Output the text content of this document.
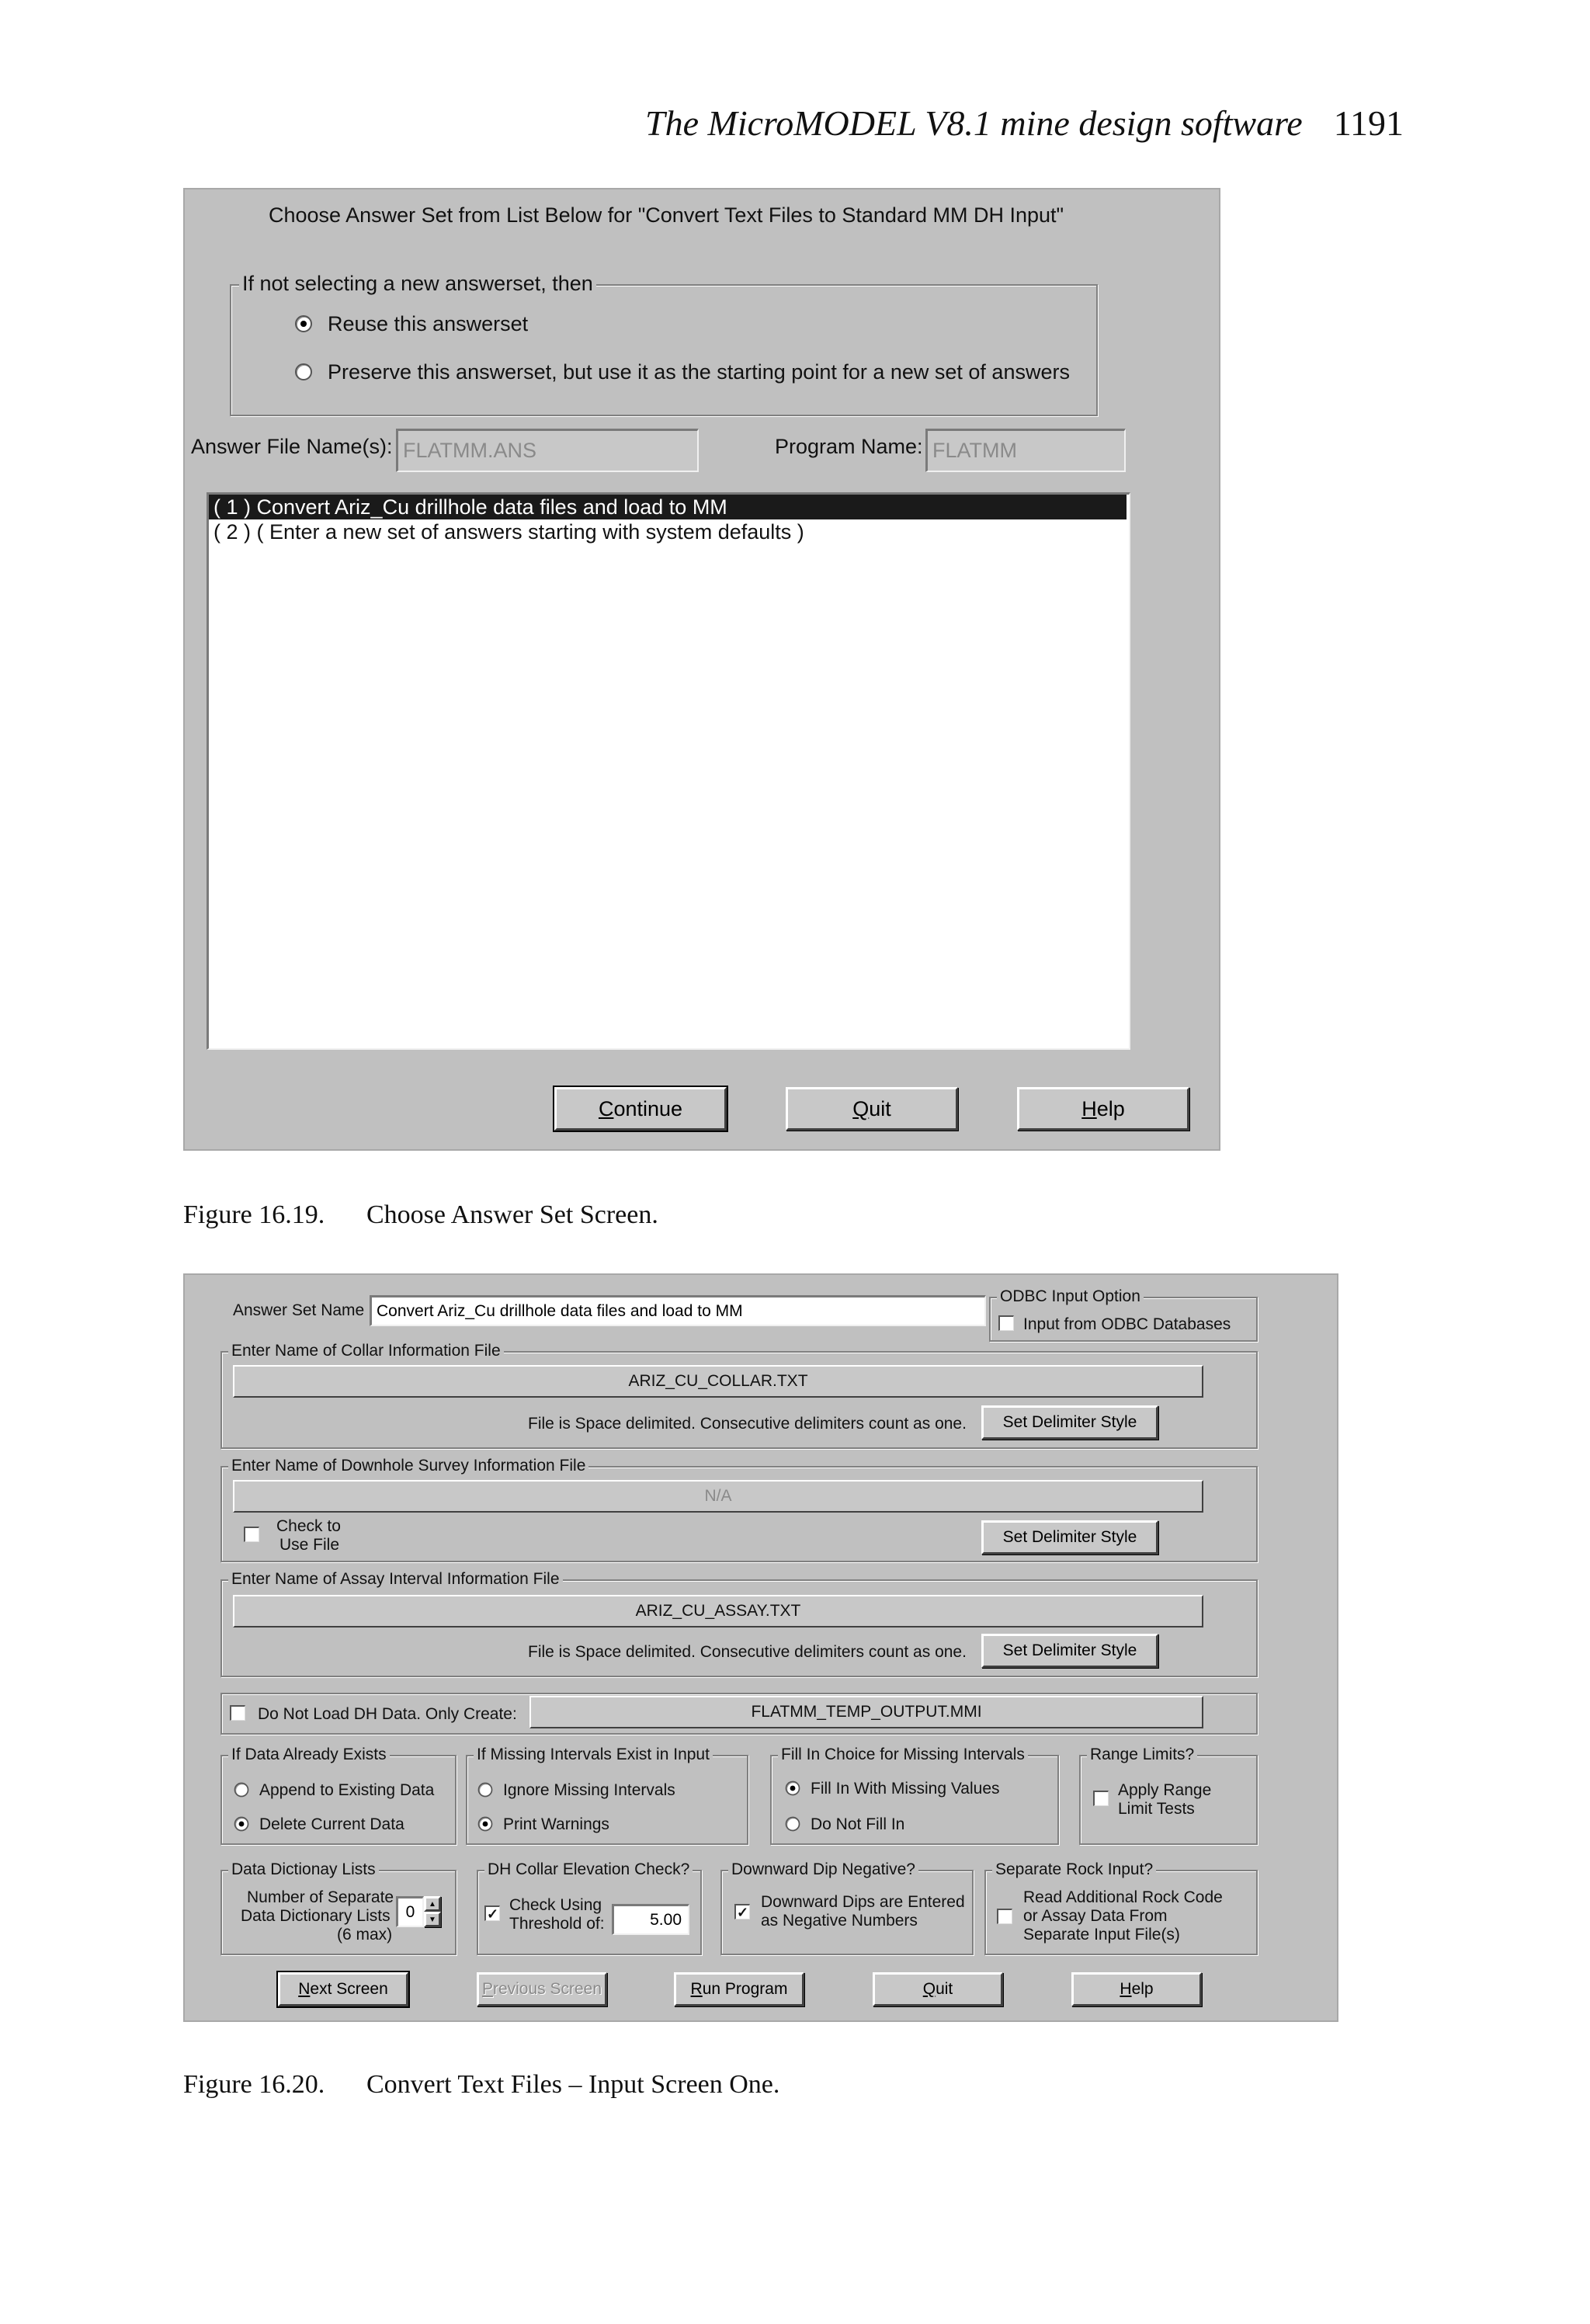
The MicroMODEL V8.1 mine design software 1191
Choose Answer Set from List Below for "Convert Text Files to Standard MM DH Input"
If not selecting a new answerset, then
Reuse this answerset
Preserve this answerset, but use it as the starting point for a new set of answers
Answer File Name(s): FLATMM.ANS	Program Name: FLATMM
( 1 ) Convert Ariz_Cu drillhole data files and load to MM
( 2 ) ( Enter a new set of answers starting with system defaults )
C ontinue	Q uit	H elp
Figure 16.19. Choose Answer Set Screen.
Answer Set Name Convert Ariz_Cu drillhole data files and load to MM
ODBC Input Option
Input from ODBC Databases
Enter Name of Collar Information File
ARIZ_CU_COLLAR.TXT
File is Space delimited. Consecutive delimiters count as one.	Set Delimiter Style
Enter Name of Downhole Survey Information File
N/A
Check to
Use File	Set Delimiter Style
Enter Name of Assay Interval Information File
ARIZ_CU_ASSAY.TXT
File is Space delimited. Consecutive delimiters count as one.	Set Delimiter Style
Do Not Load DH Data. Only Create:	FLATMM_TEMP_OUTPUT.MMI
If Data Already Exists
Append to Existing Data
Delete Current Data
If Missing Intervals Exist in Input
Ignore Missing Intervals
Print Warnings
Fill In Choice for Missing Intervals
Fill In With Missing Values
Do Not Fill In
Range Limits?
Apply Range
Limit Tests
Data Dictionay Lists
Number of Separate
Data Dictionary Lists
(6 max)
0	▲
▼
DH Collar Elevation Check?
✓ Check Using
Threshold of:	5.00
Downward Dip Negative?
✓
Downward Dips are Entered
as Negative Numbers
Separate Rock Input?
Read Additional Rock Code
or Assay Data From
Separate Input File(s)
N ext Screen	P revious Screen	R un Program	Q uit	H elp
Figure 16.20. Convert Text Files – Input Screen One.
